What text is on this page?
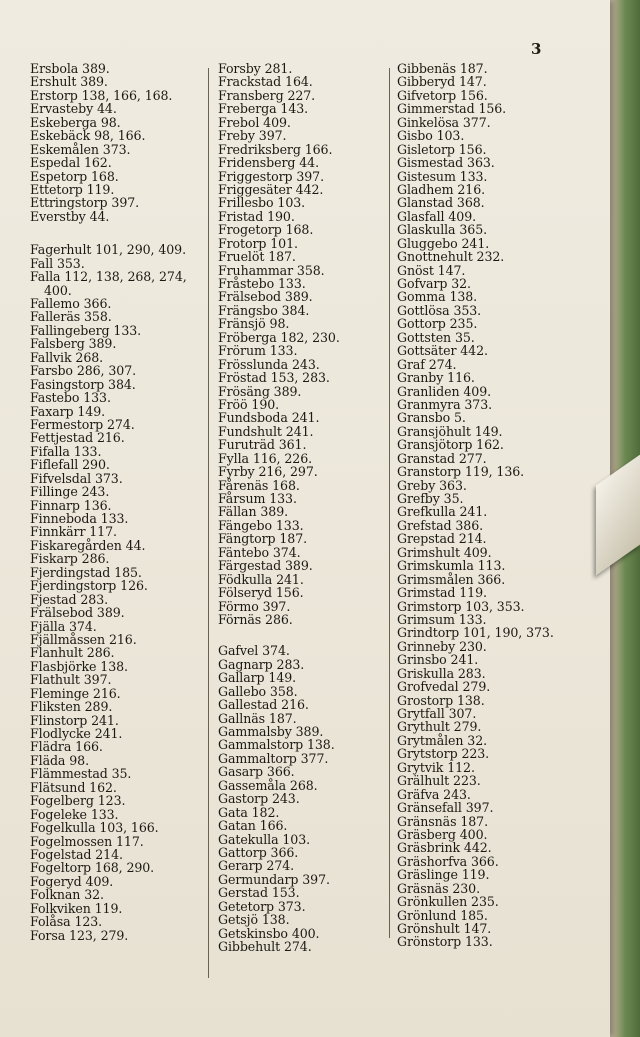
3
Ersbola 389.
Ershult 389.
Erstorp 138, 166, 168.
Ervasteby 44.
Eskeberga 98.
Eskebäck 98, 166.
Eskemålen 373.
Espedal 162.
Espetorp 168.
Ettetorp 119.
Ettringstorp 397.
Everstby 44.
Fagerhult 101, 290, 409.
Fall 353.
Falla 112, 138, 268, 274,
400.
Fallemo 366.
Falleräs 358.
Fallingeberg 133.
Falsberg 389.
Fallvik 268.
Farsbo 286, 307.
Fasingstorp 384.
Fastebo 133.
Faxarp 149.
Fermestorp 274.
Fettjestad 216.
Fifalla 133.
Fiflefall 290.
Fifvelsdal 373.
Fillinge 243.
Finnarp 136.
Finneboda 133.
Finnkärr 117.
Fiskaregården 44.
Fiskarp 286.
Fjerdingstad 185.
Fjerdingstorp 126.
Fjestad 283.
Frälsebod 389.
Fjälla 374.
Fjällmåssen 216.
Flanhult 286.
Flasbjörke 138.
Flathult 397.
Fleminge 216.
Fliksten 289.
Flinstorp 241.
Flodlycke 241.
Flädra 166.
Fläda 98.
Flämmestad 35.
Flätsund 162.
Fogelberg 123.
Fogeleke 133.
Fogelkulla 103, 166.
Fogelmossen 117.
Fogelstad 214.
Fogeltorp 168, 290.
Fogeryd 409.
Folknan 32.
Folkviken 119.
Folåsa 123.
Forsa 123, 279.
Forsby 281.
Frackstad 164.
Fransberg 227.
Freberga 143.
Frebol 409.
Freby 397.
Fredriksberg 166.
Fridensberg 44.
Friggestorp 397.
Friggesäter 442.
Frillesbo 103.
Fristad 190.
Frogetorp 168.
Frotorp 101.
Fruelöt 187.
Fruhammar 358.
Fråstebo 133.
Frälsebod 389.
Frängsbo 384.
Fränsjö 98.
Fröberga 182, 230.
Frörum 133.
Frösslunda 243.
Fröstad 153, 283.
Frösäng 389.
Fröö 190.
Fundsboda 241.
Fundshult 241.
Furuträd 361.
Fylla 116, 226.
Fyrby 216, 297.
Fårenäs 168.
Fårsum 133.
Fällan 389.
Fängebo 133.
Fängtorp 187.
Fäntebo 374.
Färgestad 389.
Födkulla 241.
Fölseryd 156.
Förmo 397.
Förnäs 286.
Gafvel 374.
Gagnarp 283.
Gallarp 149.
Gallebo 358.
Gallestad 216.
Gallnäs 187.
Gammalsby 389.
Gammalstorp 138.
Gammaltorp 377.
Gasarp 366.
Gassemåla 268.
Gastorp 243.
Gata 182.
Gatan 166.
Gatekulla 103.
Gattorp 366.
Gerarp 274.
Germundarp 397.
Gerstad 153.
Getetorp 373.
Getsjö 138.
Getskinsbo 400.
Gibbehult 274.
Gibbenäs 187.
Gibberyd 147.
Gifvetorp 156.
Gimmerstad 156.
Ginkelösa 377.
Gisbo 103.
Gisletorp 156.
Gismestad 363.
Gistesum 133.
Gladhem 216.
Glanstad 368.
Glasfall 409.
Glaskulla 365.
Gluggebo 241.
Gnottnehult 232.
Gnöst 147.
Gofvarp 32.
Gomma 138.
Gottlösa 353.
Gottorp 235.
Gottsten 35.
Gottsäter 442.
Graf 274.
Granby 116.
Granliden 409.
Granmyra 373.
Gransbo 5.
Gransjöhult 149.
Gransjötorp 162.
Granstad 277.
Granstorp 119, 136.
Greby 363.
Grefby 35.
Grefkulla 241.
Grefstad 386.
Grepstad 214.
Grimshult 409.
Grimskumla 113.
Grimsmålen 366.
Grimstad 119.
Grimstorp 103, 353.
Grimsum 133.
Grindtorp 101, 190, 373.
Grinneby 230.
Grinsbo 241.
Griskulla 283.
Grofvedal 279.
Grostorp 138.
Grytfall 307.
Grythult 279.
Grytmålen 32.
Grytstorp 223.
Grytvik 112.
Grälhult 223.
Gräfva 243.
Gränsefall 397.
Gränsnäs 187.
Gräsberg 400.
Gräsbrink 442.
Gräshorfva 366.
Gräslinge 119.
Gräsnäs 230.
Grönkullen 235.
Grönlund 185.
Grönshult 147.
Grönstorp 133.
